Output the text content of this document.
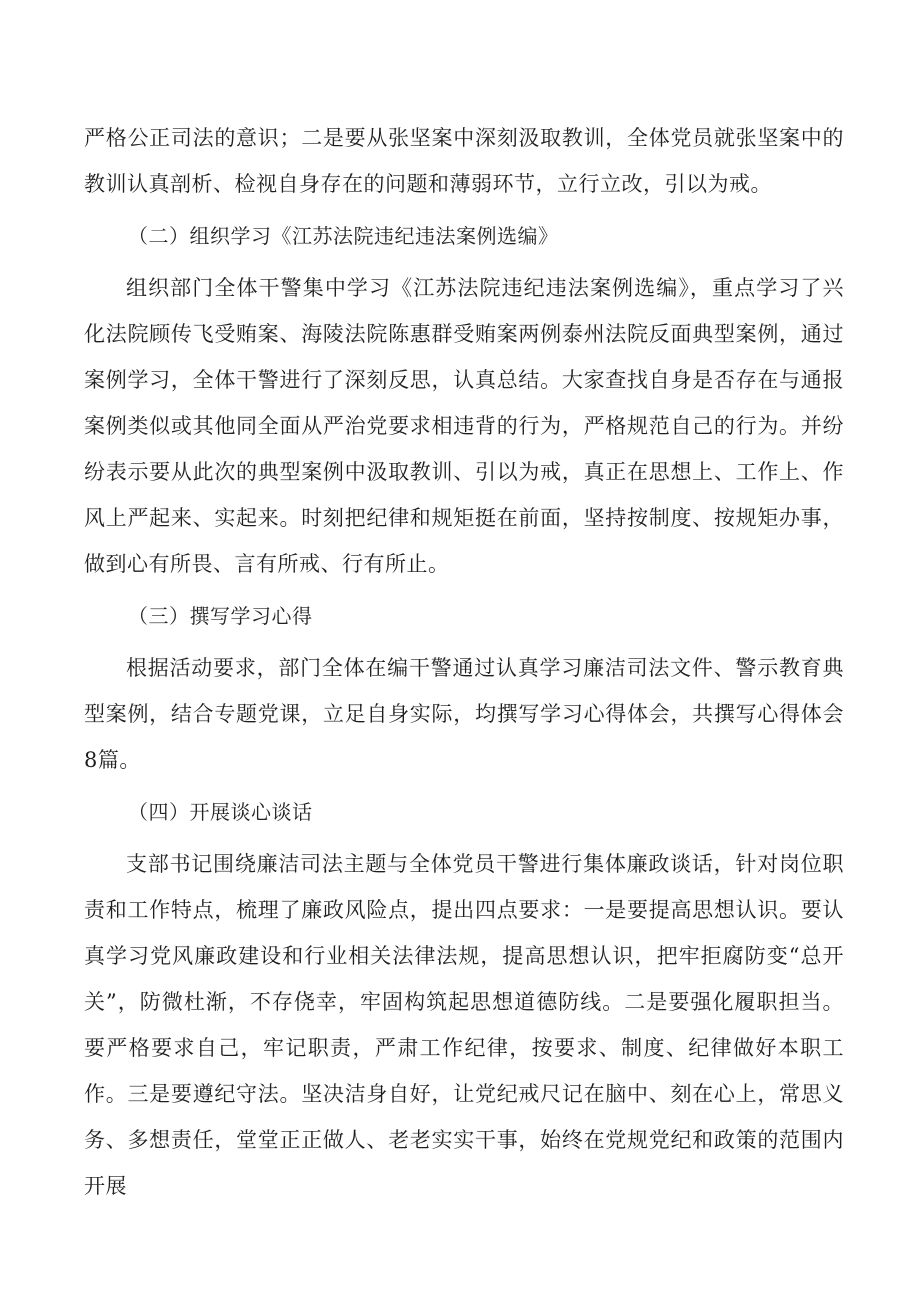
严格公正司法的意识；二是要从张坚案中深刻汲取教训，全体党员就张坚案中的教训认真剖析、检视自身存在的问题和薄弱环节，立行立改，引以为戒。

（二）组织学习《江苏法院违纪违法案例选编》

组织部门全体干警集中学习《江苏法院违纪违法案例选编》，重点学习了兴化法院顾传飞受贿案、海陵法院陈惠群受贿案两例泰州法院反面典型案例，通过案例学习，全体干警进行了深刻反思，认真总结。大家查找自身是否存在与通报案例类似或其他同全面从严治党要求相违背的行为，严格规范自己的行为。并纷纷表示要从此次的典型案例中汲取教训、引以为戒，真正在思想上、工作上、作风上严起来、实起来。时刻把纪律和规矩挺在前面，坚持按制度、按规矩办事，做到心有所畏、言有所戒、行有所止。

（三）撰写学习心得

根据活动要求，部门全体在编干警通过认真学习廉洁司法文件、警示教育典型案例，结合专题党课，立足自身实际，均撰写学习心得体会，共撰写心得体会8篇。

（四）开展谈心谈话

支部书记围绕廉洁司法主题与全体党员干警进行集体廉政谈话，针对岗位职责和工作特点，梳理了廉政风险点，提出四点要求：一是要提高思想认识。要认真学习党风廉政建设和行业相关法律法规，提高思想认识，把牢拒腐防变“总开关”，防微杜渐，不存侥幸，牢固构筑起思想道德防线。二是要强化履职担当。要严格要求自己，牢记职责，严肃工作纪律，按要求、制度、纪律做好本职工作。三是要遵纪守法。坚决洁身自好，让党纪戒尺记在脑中、刻在心上，常思义务、多想责任，堂堂正正做人、老老实实干事，始终在党规党纪和政策的范围内开展
